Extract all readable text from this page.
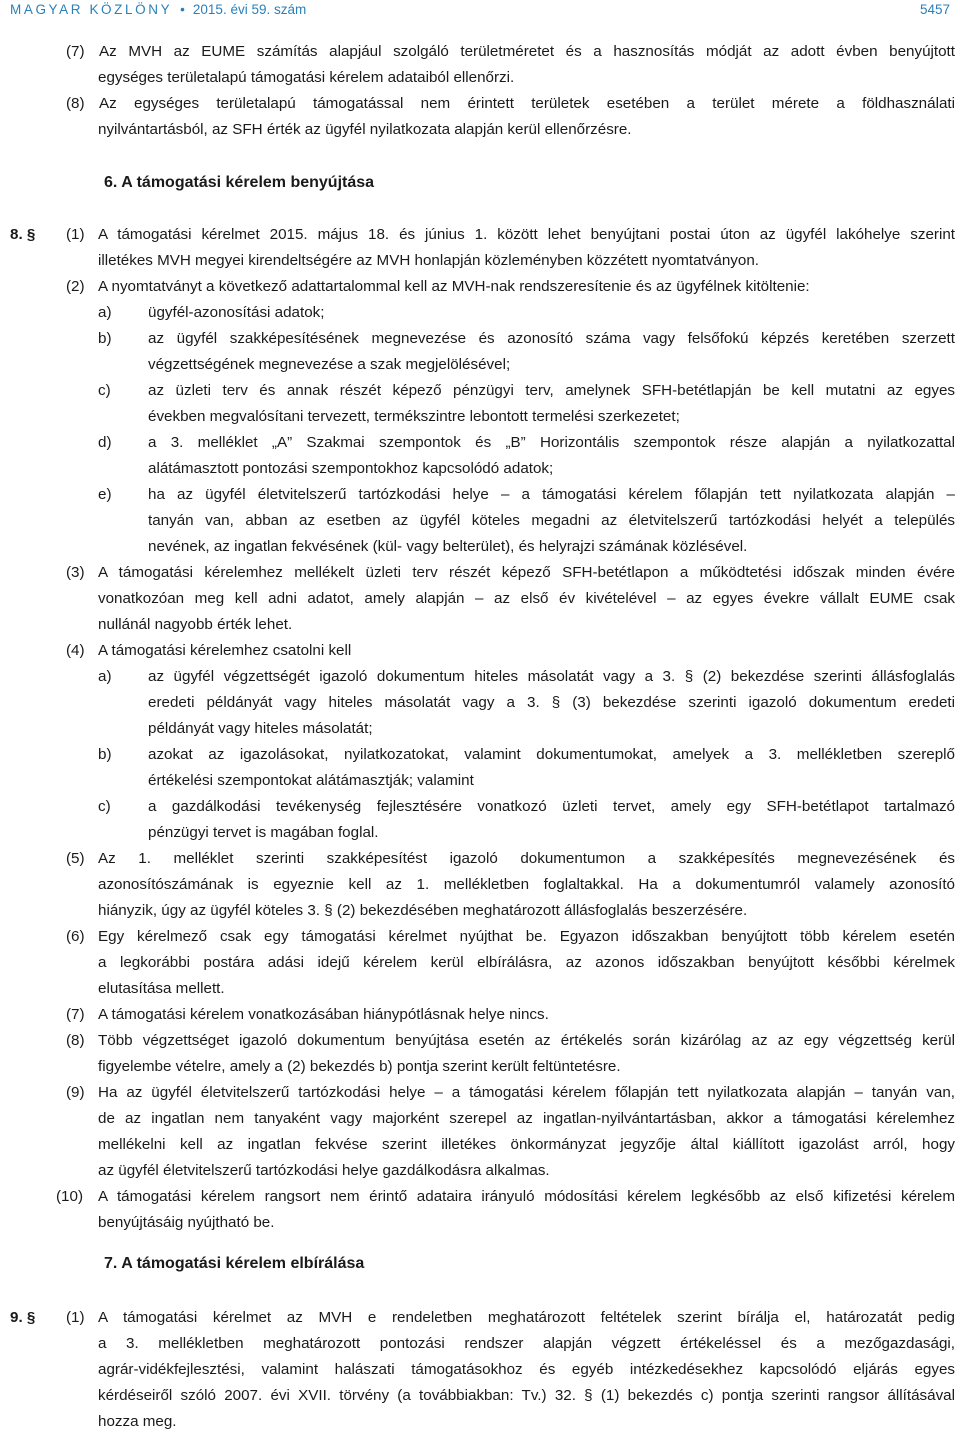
MAGYAR KÖZLÖNY • 2015. évi 59. szám	5457
(7) Az MVH az EUME számítás alapjául szolgáló területméretet és a hasznosítás módját az adott évben benyújtott
egységes területalapú támogatási kérelem adataiból ellenőrzi.
(8) Az egységes területalapú támogatással nem érintett területek esetében a terület mérete a földhasználati
nyilvántartásból, az SFH érték az ügyfél nyilatkozata alapján kerül ellenőrzésre.
6. A támogatási kérelem benyújtása
8. § (1) A támogatási kérelmet 2015. május 18. és június 1. között lehet benyújtani postai úton az ügyfél lakóhelye szerint
illetékes MVH megyei kirendeltségére az MVH honlapján közleményben közzétett nyomtatványon.
(2) A nyomtatványt a következő adattartalommal kell az MVH-nak rendszeresítenie és az ügyfélnek kitöltenie:
a) ügyfél-azonosítási adatok;
b) az ügyfél szakképesítésének megnevezése és azonosító száma vagy felsőfokú képzés keretében szerzett
végzettségének megnevezése a szak megjelölésével;
c) az üzleti terv és annak részét képező pénzügyi terv, amelynek SFH-betétlapján be kell mutatni az egyes
években megvalósítani tervezett, termékszintre lebontott termelési szerkezetet;
d) a 3. melléklet „A” Szakmai szempontok és „B” Horizontális szempontok része alapján a nyilatkozattal
alátámasztott pontozási szempontokhoz kapcsolódó adatok;
e) ha az ügyfél életvitelszerű tartózkodási helye – a támogatási kérelem főlapján tett nyilatkozata alapján –
tanyán van, abban az esetben az ügyfél köteles megadni az életvitelszerű tartózkodási helyét a település
nevének, az ingatlan fekvésének (kül- vagy belterület), és helyrajzi számának közlésével.
(3) A támogatási kérelemhez mellékelt üzleti terv részét képező SFH-betétlapon a működtetési időszak minden évére
vonatkozóan meg kell adni adatot, amely alapján – az első év kivételével – az egyes évekre vállalt EUME csak
nullánál nagyobb érték lehet.
(4) A támogatási kérelemhez csatolni kell
a) az ügyfél végzettségét igazoló dokumentum hiteles másolatát vagy a 3. § (2) bekezdése szerinti állásfoglalás
eredeti példányát vagy hiteles másolatát vagy a 3. § (3) bekezdése szerinti igazoló dokumentum eredeti
példányát vagy hiteles másolatát;
b) azokat az igazolásokat, nyilatkozatokat, valamint dokumentumokat, amelyek a 3. mellékletben szereplő
értékelési szempontokat alátámasztják; valamint
c) a gazdálkodási tevékenység fejlesztésére vonatkozó üzleti tervet, amely egy SFH-betétlapot tartalmazó
pénzügyi tervet is magában foglal.
(5) Az 1. melléklet szerinti szakképesítést igazoló dokumentumon a szakképesítés megnevezésének és
azonosítószámának is egyeznie kell az 1. mellékletben foglaltakkal. Ha a dokumentumról valamely azonosító
hiányzik, úgy az ügyfél köteles 3. § (2) bekezdésében meghatározott állásfoglalás beszerzésére.
(6) Egy kérelmező csak egy támogatási kérelmet nyújthat be. Egyazon időszakban benyújtott több kérelem esetén
a legkorábbi postára adási idejű kérelem kerül elbírálásra, az azonos időszakban benyújtott későbbi kérelmek
elutasítása mellett.
(7) A támogatási kérelem vonatkozásában hiánypótlásnak helye nincs.
(8) Több végzettséget igazoló dokumentum benyújtása esetén az értékelés során kizárólag az az egy végzettség kerül
figyelembe vételre, amely a (2) bekezdés b) pontja szerint került feltüntetésre.
(9) Ha az ügyfél életvitelszerű tartózkodási helye – a támogatási kérelem főlapján tett nyilatkozata alapján – tanyán van,
de az ingatlan nem tanyaként vagy majorként szerepel az ingatlan-nyilvántartásban, akkor a támogatási kérelemhez
mellékelni kell az ingatlan fekvése szerint illetékes önkormányzat jegyzője által kiállított igazolást arról, hogy
az ügyfél életvitelszerű tartózkodási helye gazdálkodásra alkalmas.
(10) A támogatási kérelem rangsort nem érintő adataira irányuló módosítási kérelem legkésőbb az első kifizetési kérelem
benyújtásáig nyújtható be.
7. A támogatási kérelem elbírálása
9. § (1) A támogatási kérelmet az MVH e rendeletben meghatározott feltételek szerint bírálja el, határozatát pedig
a 3. mellékletben meghatározott pontozási rendszer alapján végzett értékeléssel és a mezőgazdasági,
agrár-vidékfejlesztési, valamint halászati támogatásokhoz és egyéb intézkedésekhez kapcsolódó eljárás egyes
kérdéseiről szóló 2007. évi XVII. törvény (a továbbiakban: Tv.) 32. § (1) bekezdés c) pontja szerinti rangsor állításával
hozza meg.
